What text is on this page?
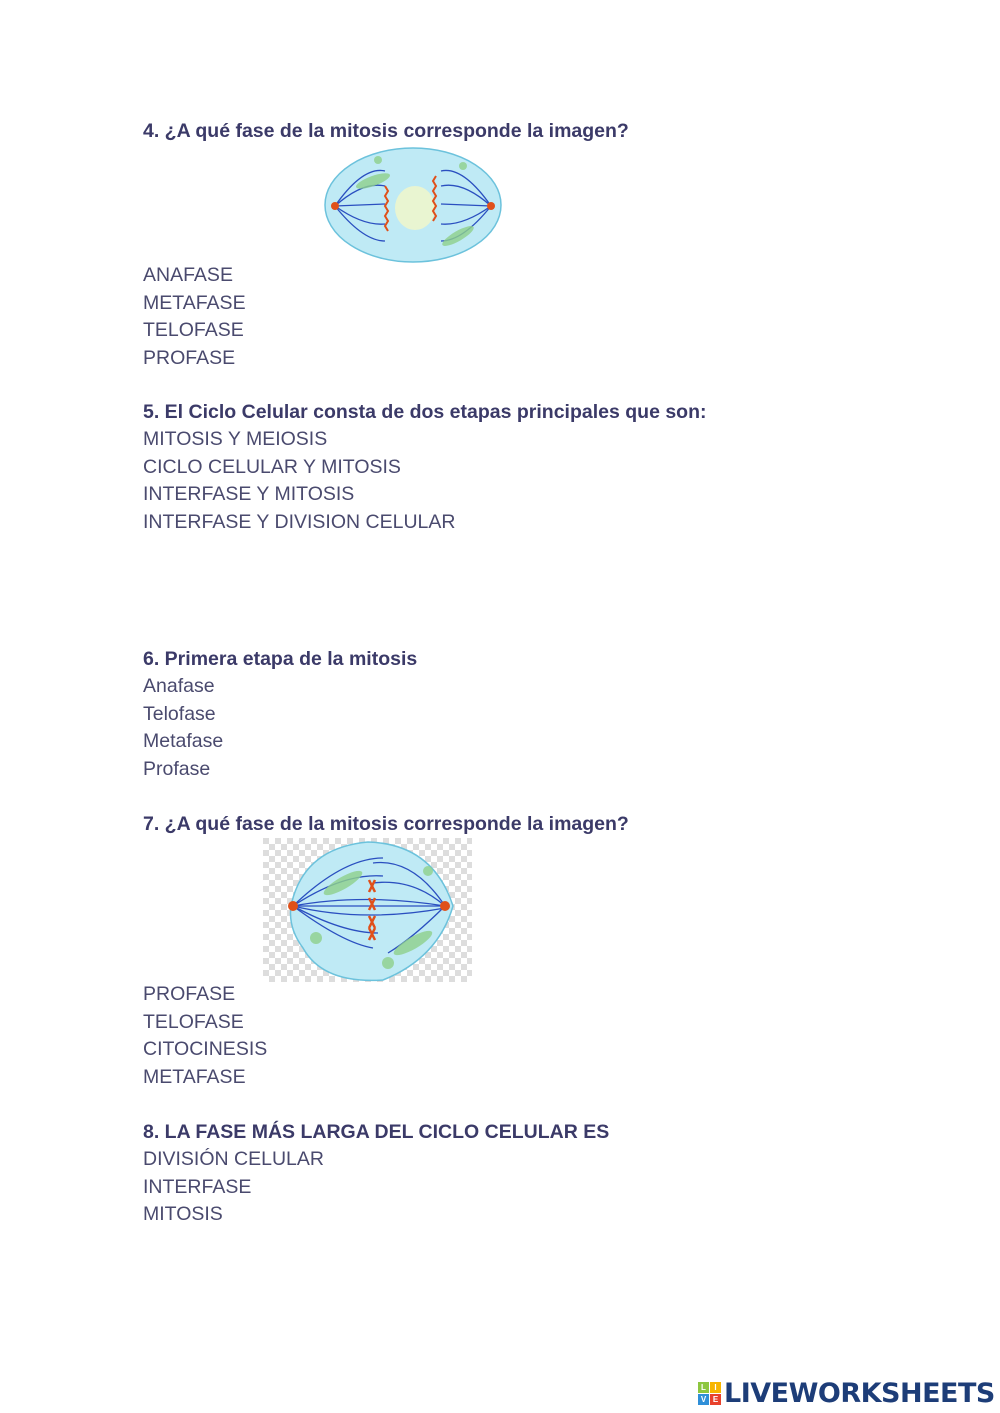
4. ¿A qué fase de la mitosis corresponde la imagen?
ANAFASE
METAFASE
TELOFASE
PROFASE
5. El Ciclo Celular consta de dos etapas principales que son:
MITOSIS Y MEIOSIS
CICLO CELULAR Y MITOSIS
INTERFASE Y MITOSIS
INTERFASE Y DIVISION CELULAR
6. Primera etapa de la mitosis
Anafase
Telofase
Metafase
Profase
7. ¿A qué fase de la mitosis corresponde la imagen?
PROFASE
TELOFASE
CITOCINESIS
METAFASE
8. LA FASE MÁS LARGA DEL CICLO CELULAR ES
DIVISIÓN CELULAR
INTERFASE
MITOSIS
L	I
V E LIVEWORKSHEETS
